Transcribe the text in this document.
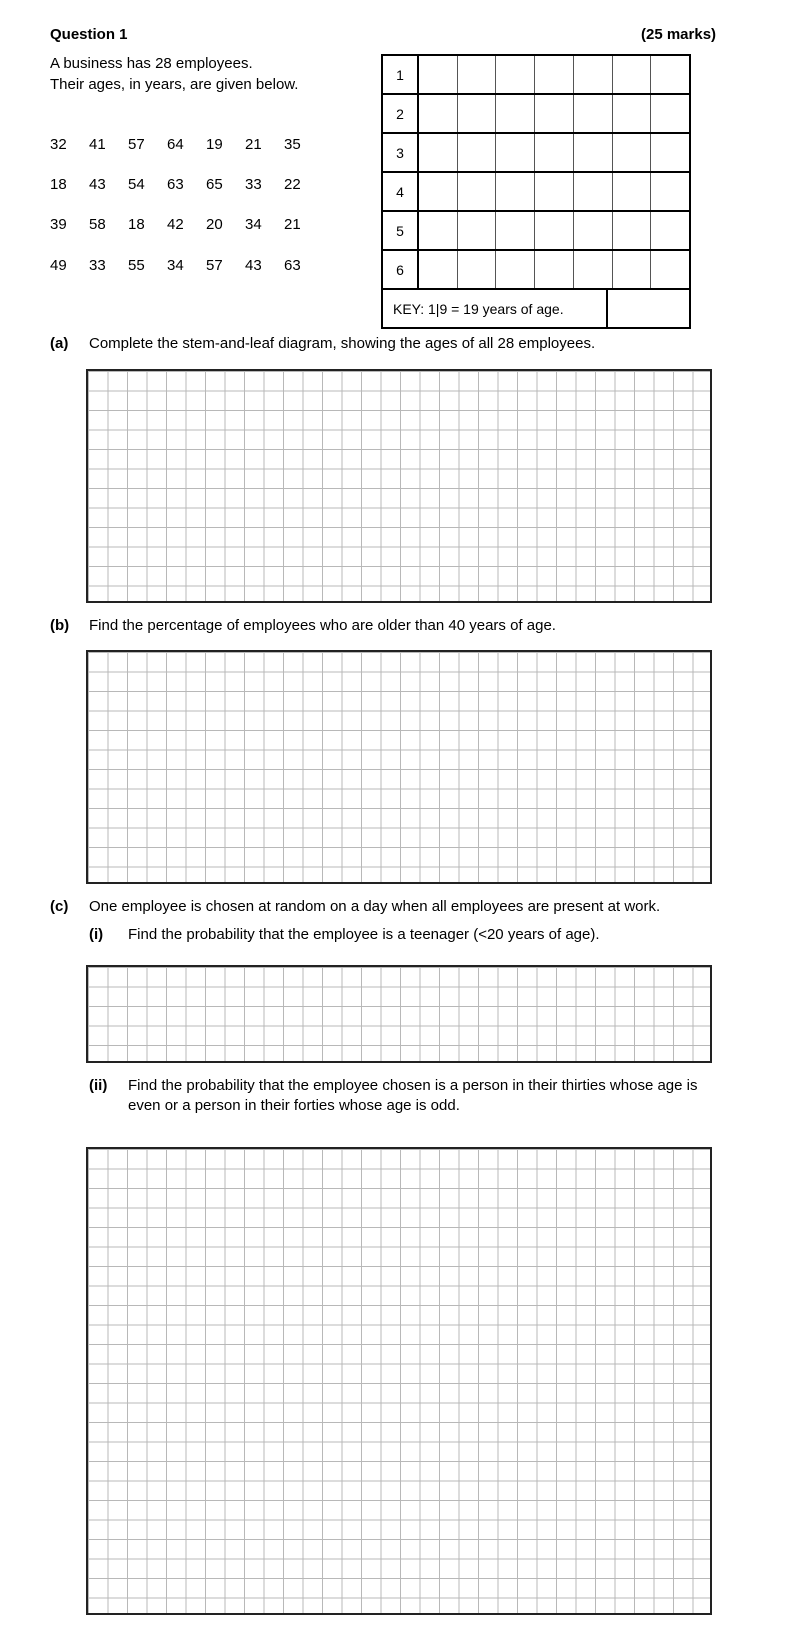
Question 1	(25 marks)
A business has 28 employees.
Their ages, in years, are given below.
32	41	57	64	19	21	35
18	43	54	63	65	33	22
39	58	18	42	20	34	21
49	33	55	34	57	43	63
1
2
3
4
5
6
KEY: 1|9 = 19 years of age.
(a) Complete the stem-and-leaf diagram, showing the ages of all 28 employees.
(b) Find the percentage of employees who are older than 40 years of age.
(c) One employee is chosen at random on a day when all employees are present at work.
(i) Find the probability that the employee is a teenager (<20 years of age).
(ii) Find the probability that the employee chosen is a person in their thirties whose age is
even or a person in their forties whose age is odd.
